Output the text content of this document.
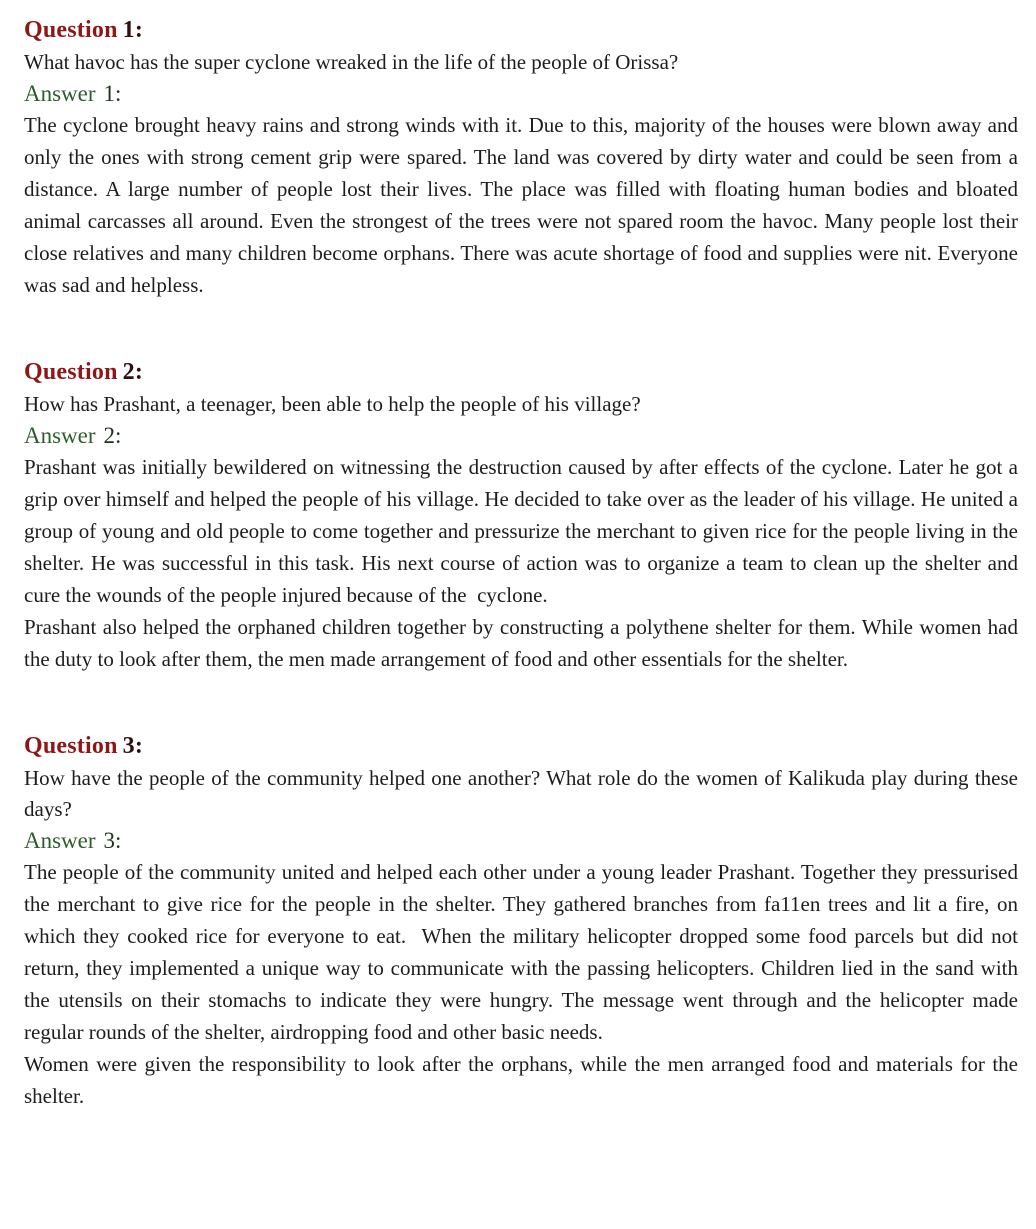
Question 1:

What havoc has the super cyclone wreaked in the life of the people of Orissa?

Answer 1:

The cyclone brought heavy rains and strong winds with it. Due to this, majority of the houses were blown away and only the ones with strong cement grip were spared. The land was covered by dirty water and could be seen from a distance. A large number of people lost their lives. The place was filled with floating human bodies and bloated animal carcasses all around. Even the strongest of the trees were not spared room the havoc. Many people lost their close relatives and many children become orphans. There was acute shortage of food and supplies were nit. Everyone was sad and helpless.

Question 2:

How has Prashant, a teenager, been able to help the people of his village?

Answer 2:

Prashant was initially bewildered on witnessing the destruction caused by after effects of the cyclone. Later he got a grip over himself and helped the people of his village. He decided to take over as the leader of his village. He united a group of young and old people to come together and pressurize the merchant to given rice for the people living in the shelter. He was successful in this task. His next course of action was to organize a team to clean up the shelter and cure the wounds of the people injured because of the  cyclone.

Prashant also helped the orphaned children together by constructing a polythene shelter for them. While women had the duty to look after them, the men made arrangement of food and other essentials for the shelter.

Question 3:

How have the people of the community helped one another? What role do the women of Kalikuda play during these days?

Answer 3:

The people of the community united and helped each other under a young leader Prashant. Together they pressurised the merchant to give rice for the people in the shelter. They gathered branches from fa11en trees and lit a fire, on which they cooked rice for everyone to eat.  When the military helicopter dropped some food parcels but did not return, they implemented a unique way to communicate with the passing helicopters. Children lied in the sand with the utensils on their stomachs to indicate they were hungry. The message went through and the helicopter made regular rounds of the shelter, airdropping food and other basic needs.

Women were given the responsibility to look after the orphans, while the men arranged food and materials for the shelter.
